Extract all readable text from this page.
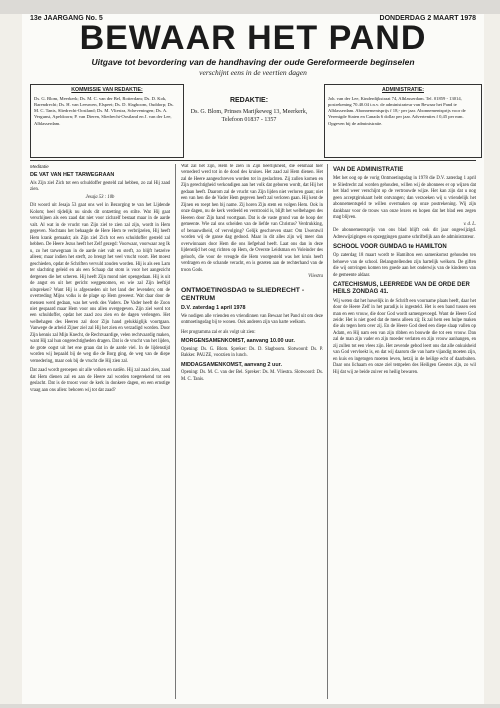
13e JAARGANG No. 5	DONDERDAG 2 MAART 1978
BEWAAR HET PAND
Uitgave tot bevordering van de handhaving der oude Gereformeerde beginselen
verschijnt eens in de veertien dagen
KOMMISSIE VAN REDAKTIE:
Ds. G. Blom, Meerkerk; Ds. M. C. van der Bel, Rotterdam; Ds. D. Kok, Barendrecht; Ds. H. van Leeuwen, Elspeet; Ds. D. Slagboom, Ouddorp; Ds. M. C. Tanis, Sliedrecht-Oostland; Ds. M. Vliestra, Scheveningen; Ds. A. Vergunst, Apeldoorn; P. van Dieren, Sliedrecht-Oostland en J. van der Lee, Alblasserdam.
REDAKTIE:
Ds. G. Blom, Prinses Marijkeweg 13, Meerkerk, Telefoon 01837 - 1357
ADMINISTRATIE:
Joh. van der Lee, Kinderdijkstraat 74, Alblasserdam. Tel. 01859 - 13014, postrekening 70.40.04 t.n.v. de administrateur van Bewaar het Pand te Alblasserdam. Abonnementsprijs f 18,- per jaar. Abonnementsprijs voor de Verenigde Staten en Canada 6 dollar per jaar. Advertenties f 0,45 per mm. Opgeven bij de administratie.
Meditatie
DE VAT VAN HET TARWEGRAAN
Als Zijn ziel Zich tot een schuldoffer gesteld zal hebben, zo zal Hij zaad zien.
Jesaja 53 : 10b
Dit woord uit Jesaja 53 gaat ons wel in Bezorging te van het Lijdende Kolom; heel tijdelijk nu sinds dit ontzetting en stilte. Wat Hij gaat verschijnen als een zaad dat niet voor zichzelf bestaat maar in de aarde valt. Al wat in de vrucht van Zijn ziel te zien zal zijn, wordt in Hem gegeven. Nochtans het behaagde de Here Hem te verbrijzelen, Hij heeft Hem krank gemaakt; als Zijn ziel Zich tot een schuldoffer gesteld zal hebben. De Heere Jezus heeft het Zelf gezegd: Voorwaar, voorwaar zeg Ik u, zo het tarwegraan in de aarde niet valt en sterft, zo blijft hetzelve alleen; maar indien het sterft, zo brengt het veel vrucht voort. Het moest geschieden, opdat de Schriften vervuld zouden worden. Hij is als een Lam ter slachting geleid en als een Schaap dat stom is voor het aangezicht dergenen die het scheren. Hij heeft Zijn mond niet opengedaan. Hij is uit de angst en uit het gericht weggenomen, en wie zal Zijn leeftijd uitspreken? Want Hij is afgesneden uit het land der levenden; om de overtreding Mijns volks is de plage op Hem geweest. Wat daar door de mensen werd gedaan, was het werk des Vaders. De Vader heeft de Zoon niet gespaard maar Hem voor ons allen overgegeven. Zijn ziel werd tot een schuldoffer, opdat het zaad zou zien en de dagen verlengen. Het welbehagen des Heeren zal door Zijn hand gelukkiglijk voortgaan. Vanwege de arbeid Zijner ziel zal Hij het zien en verzadigd worden. Door Zijn kennis zal Mijn Knecht, de Rechtvaardige, velen rechtvaardig maken, want Hij zal hun ongerechtigheden dragen. Dat is de vrucht van het lijden, de grote oogst uit het ene graan dat in de aarde viel. In de lijdenstijd worden wij bepaald bij de weg die de Borg ging, de weg van de diepe vernedering, maar ook bij de vrucht die Hij zien zal.
Dat zaad wordt geroepen uit alle volken en natiën. Hij zal zaad zien, zaad dat Hem dienen zal en aan de Heere zal worden toegerekend tot een geslacht. Dat is de troost voor de kerk in donkere dagen, en een ernstige vraag aan ons allen: behoren wij tot dat zaad?
Wat zal het zijn, Hem te zien in Zijn heerlijkheid, die eenmaal hier vernederd werd tot in de dood des kruises. Het zaad zal Hem dienen. Het zal de Heere aangeschreven worden tot in geslachten. Zij zullen komen en Zijn gerechtigheid verkondigen aan het volk dat geboren wordt, dat Hij het gedaan heeft. Daarom zal de vrucht van Zijn lijden niet verloren gaan; niet een van hen die de Vader Hem gegeven heeft zal verloren gaan. Hij kent de Zijnen en roept hen bij name. Zij horen Zijn stem en volgen Hem. Ook in onze dagen, nu de kerk verdeeld en verstrooid is, blijft het welbehagen des Heeren door Zijn hand voortgaan. Dat is de vaste grond van de hoop der gemeente. Wie zal ons scheiden van de liefde van Christus? Verdrukking, of benauwdheid, of vervolging? Gelijk geschreven staat: Om Uwentwil worden wij de ganse dag gedood. Maar in dit alles zijn wij meer dan overwinnaars door Hem die ons liefgehad heeft. Laat ons dan in deze lijdenstijd het oog richten op Hem, de Overste Leidsman en Voleinder des geloofs, die voor de vreugde die Hem voorgesteld was het kruis heeft verdragen en de schande veracht, en is gezeten aan de rechterhand van de troon Gods.
Vliestra
ONTMOETINGSDAG te SLIEDRECHT - CENTRUM
D.V. zaterdag 1 april 1978
We nodigen alle vrienden en vriendinnen van Bewaar het Pand uit om deze ontmoetingsdag bij te wonen. Ook anderen zijn van harte welkom.
Het programma zal er als volgt uit zien:
MORGENSAMENKOMST, aanvang 10.00 uur.
Opening: Ds. G. Blom. Spreker: Ds. D. Slagboom. Slotwoord: Ds. P. Bakker. PAUZE, voorzien in lunch.
MIDDAGSAMENKOMST, aanvang 2 uur.
Opening: Ds. M. C. van der Bel. Spreker: Ds. M. Vliestra. Slotwoord: Ds. M. C. Tanis.
VAN DE ADMINISTRATIE
Met het oog op de vorig Ontmoetingsdag in 1978 die D.V. zaterdag 1 april te Sliedrecht zal worden gehouden, willen wij de abonnees er op wijzen dat het blad weer verschijnt op de vertrouwde wijze. Het kan zijn dat u nog geen acceptgirokaart hebt ontvangen; dan verzoeken wij u vriendelijk het abonnementsgeld te willen overmaken op onze postrekening. Wij zijn dankbaar voor de trouw van onze lezers en hopen dat het blad een zegen mag blijven.
v. d. L.
De abonnementsprijs van ons blad blijft ook dit jaar ongewijzigd. Adreswijzigingen en opzeggingen gaarne schriftelijk aan de administrateur.
SCHOOL VOOR GUMDAG te HAMILTON
Op zaterdag 18 maart wordt te Hamilton een samenkomst gehouden ten behoeve van de school. Belangstellenden zijn hartelijk welkom. De giften die wij ontvingen komen ten goede aan het onderwijs van de kinderen van de gemeente aldaar.
CATECHISMUS, LEERREDE VAN DE ORDE DER HEILS ZONDAG 41.
Wij weten dat het huwelijk in de Schrift een voorname plaats heeft, daar het door de Heere Zelf in het paradijs is ingesteld. Het is een band tussen een man en een vrouw, die door God wordt samengevoegd. Want de Heere God zeide: Het is niet goed dat de mens alleen zij; Ik zal hem een hulpe maken die als tegen hem over zij. En de Heere God deed een diepe slaap vallen op Adam, en Hij nam een van zijn ribben en bouwde die tot een vrouw. Dan zal de man zijn vader en zijn moeder verlaten en zijn vrouw aanhangen, en zij zullen tot een vlees zijn. Het zevende gebod leert ons dat alle onkuisheid van God vervloekt is, en dat wij daarom die van harte vijandig moeten zijn, en kuis en ingetogen moeten leven, hetzij in de heilige echt of daarbuiten. Daar ons lichaam en onze ziel tempelen des Heiligen Geestes zijn, zo wil Hij dat wij ze beide zuiver en heilig bewaren.
